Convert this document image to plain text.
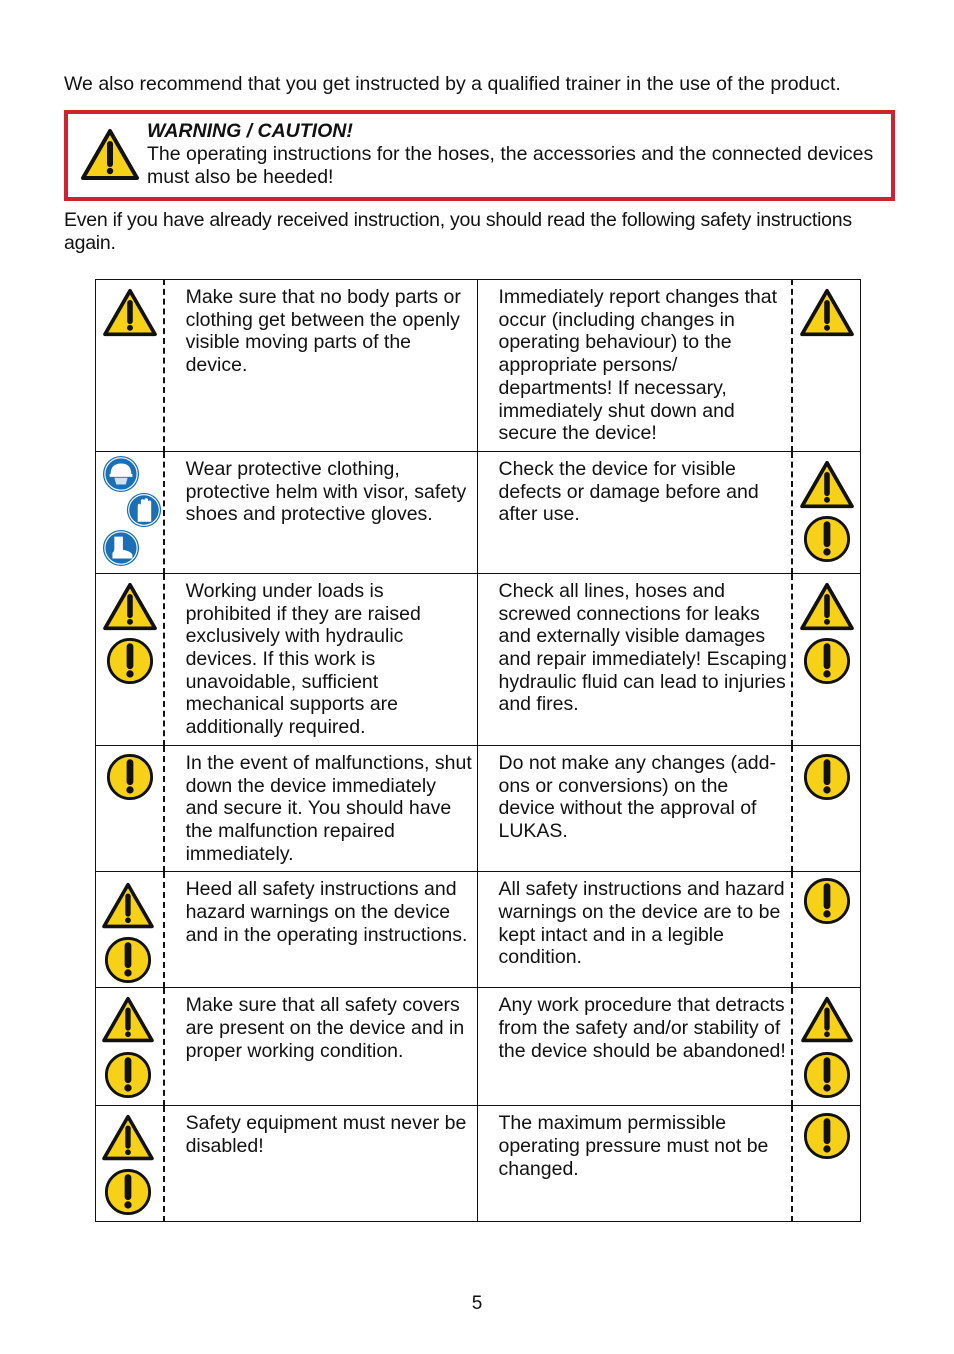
We also recommend that you get instructed by a qualified trainer in the use of the product.

WARNING / CAUTION!
The operating instructions for the hoses, the accessories and the connected devices must also be heeded!

Even if you have already received instruction, you should read the following safety instructions again.

Make sure that no body parts or clothing get between the openly visible moving parts of the device.	Immediately report changes that occur (including changes in operating behaviour) to the appropriate persons/ departments! If necessary, immediately shut down and secure the device!

Wear protective clothing, protective helm with visor, safety shoes and protective gloves.	Check the device for visible defects or damage before and after use.

Working under loads is prohibited if they are raised exclusively with hydraulic devices. If this work is unavoidable, sufficient mechanical supports are additionally required.	Check all lines, hoses and screwed connections for leaks and externally visible damages and repair immediately! Escaping hydraulic fluid can lead to injuries and fires.

In the event of malfunctions, shut down the device immediately and secure it. You should have the malfunction repaired immediately.	Do not make any changes (add-ons or conversions) on the device without the approval of LUKAS.

Heed all safety instructions and hazard warnings on the device and in the operating instructions.	All safety instructions and hazard warnings on the device are to be kept intact and in a legible condition.

Make sure that all safety covers are present on the device and in proper working condition.	Any work procedure that detracts from the safety and/or stability of the device should be abandoned!

Safety equipment must never be disabled!	The maximum permissible operating pressure must not be changed.

5
